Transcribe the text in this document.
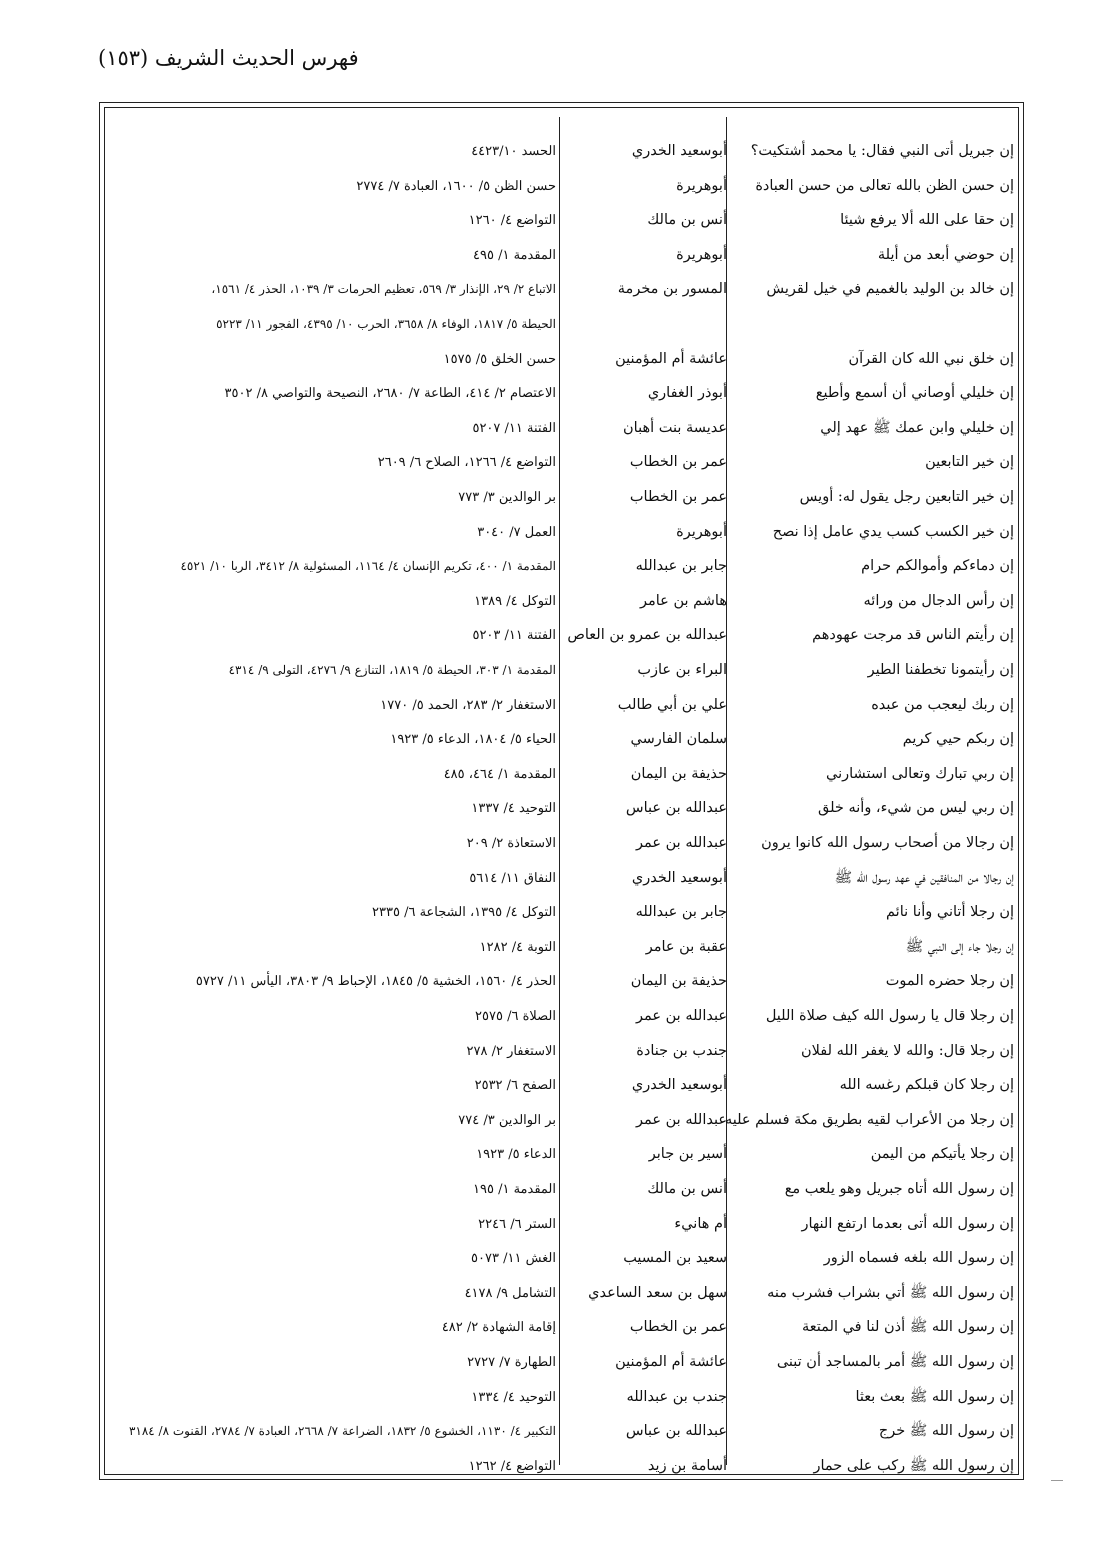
فهرس الحديث الشريف (١٥٣)
إن جبريل أتى النبي فقال: يا محمد أشتكيت؟
أبوسعيد الخدري
الحسد ٤٤٢٣/١٠
إن حسن الظن بالله تعالى من حسن العبادة
أبوهريرة
حسن الظن ٥/ ١٦٠٠، العبادة ٧/ ٢٧٧٤
إن حقا على الله ألا يرفع شيئا
أنس بن مالك
التواضع ٤/ ١٢٦٠
إن حوضي أبعد من أيلة
أبوهريرة
المقدمة ١/ ٤٩٥
إن خالد بن الوليد بالغميم في خيل لقريش
المسور بن مخرمة
الاتباع ٢/ ٢٩، الإنذار ٣/ ٥٦٩، تعظيم الحرمات ٣/ ١٠٣٩، الحذر ٤/ ١٥٦١،
الحيطة ٥/ ١٨١٧، الوفاء ٨/ ٣٦٥٨، الحرب ١٠/ ٤٣٩٥، الفجور ١١/ ٥٢٢٣
إن خلق نبي الله كان القرآن
عائشة أم المؤمنين
حسن الخلق ٥/ ١٥٧٥
إن خليلي أوصاني أن أسمع وأطيع
أبوذر الغفاري
الاعتصام ٢/ ٤١٤، الطاعة ٧/ ٢٦٨٠، النصيحة والتواصي ٨/ ٣٥٠٢
إن خليلي وابن عمك ﷺ عهد إلي
عديسة بنت أهبان
الفتنة ١١/ ٥٢٠٧
إن خير التابعين
عمر بن الخطاب
التواضع ٤/ ١٢٦٦، الصلاح ٦/ ٢٦٠٩
إن خير التابعين رجل يقول له: أويس
عمر بن الخطاب
بر الوالدين ٣/ ٧٧٣
إن خير الكسب كسب يدي عامل إذا نصح
أبوهريرة
العمل ٧/ ٣٠٤٠
إن دماءكم وأموالكم حرام
جابر بن عبدالله
المقدمة ١/ ٤٠٠، تكريم الإنسان ٤/ ١١٦٤، المسئولية ٨/ ٣٤١٢، الربا ١٠/ ٤٥٢١
إن رأس الدجال من ورائه
هاشم بن عامر
التوكل ٤/ ١٣٨٩
إن رأيتم الناس قد مرجت عهودهم
عبدالله بن عمرو بن العاص
الفتنة ١١/ ٥٢٠٣
إن رأيتمونا تخطفنا الطير
البراء بن عازب
المقدمة ١/ ٣٠٣، الحيطة ٥/ ١٨١٩، التنازع ٩/ ٤٢٧٦، التولى ٩/ ٤٣١٤
إن ربك ليعجب من عبده
علي بن أبي طالب
الاستغفار ٢/ ٢٨٣، الحمد ٥/ ١٧٧٠
إن ربكم حيي كريم
سلمان الفارسي
الحياء ٥/ ١٨٠٤، الدعاء ٥/ ١٩٢٣
إن ربي تبارك وتعالى استشارني
حذيفة بن اليمان
المقدمة ١/ ٤٦٤، ٤٨٥
إن ربي ليس من شيء، وأنه خلق
عبدالله بن عباس
التوحيد ٤/ ١٣٣٧
إن رجالا من أصحاب رسول الله كانوا يرون
عبدالله بن عمر
الاستعاذة ٢/ ٢٠٩
إن رجالا من المنافقين في عهد رسول الله ﷺ
أبوسعيد الخدري
النفاق ١١/ ٥٦١٤
إن رجلا أتاني وأنا نائم
جابر بن عبدالله
التوكل ٤/ ١٣٩٥، الشجاعة ٦/ ٢٣٣٥
إن رجلا جاء إلى النبي ﷺ
عقبة بن عامر
التوبة ٤/ ١٢٨٢
إن رجلا حضره الموت
حذيفة بن اليمان
الحذر ٤/ ١٥٦٠، الخشية ٥/ ١٨٤٥، الإحباط ٩/ ٣٨٠٣، اليأس ١١/ ٥٧٢٧
إن رجلا قال يا رسول الله كيف صلاة الليل
عبدالله بن عمر
الصلاة ٦/ ٢٥٧٥
إن رجلا قال: والله لا يغفر الله لفلان
جندب بن جنادة
الاستغفار ٢/ ٢٧٨
إن رجلا كان قبلكم رغسه الله
أبوسعيد الخدري
الصفح ٦/ ٢٥٣٢
إن رجلا من الأعراب لقيه بطريق مكة فسلم عليه
عبدالله بن عمر
بر الوالدين ٣/ ٧٧٤
إن رجلا يأتيكم من اليمن
أسير بن جابر
الدعاء ٥/ ١٩٢٣
إن رسول الله أتاه جبريل وهو يلعب مع
أنس بن مالك
المقدمة ١/ ١٩٥
إن رسول الله أتى بعدما ارتفع النهار
أم هانيء
الستر ٦/ ٢٢٤٦
إن رسول الله بلغه فسماه الزور
سعيد بن المسيب
الغش ١١/ ٥٠٧٣
إن رسول الله ﷺ أتي بشراب فشرب منه
سهل بن سعد الساعدي
التشامل ٩/ ٤١٧٨
إن رسول الله ﷺ أذن لنا في المتعة
عمر بن الخطاب
إقامة الشهادة ٢/ ٤٨٢
إن رسول الله ﷺ أمر بالمساجد أن تبنى
عائشة أم المؤمنين
الطهارة ٧/ ٢٧٢٧
إن رسول الله ﷺ بعث بعثا
جندب بن عبدالله
التوحيد ٤/ ١٣٣٤
إن رسول الله ﷺ خرج
عبدالله بن عباس
التكبير ٤/ ١١٣٠، الخشوع ٥/ ١٨٣٢، الضراعة ٧/ ٢٦٦٨، العبادة ٧/ ٢٧٨٤، القنوت ٨/ ٣١٨٤
إن رسول الله ﷺ ركب على حمار
أسامة بن زيد
التواضع ٤/ ١٢٦٢
